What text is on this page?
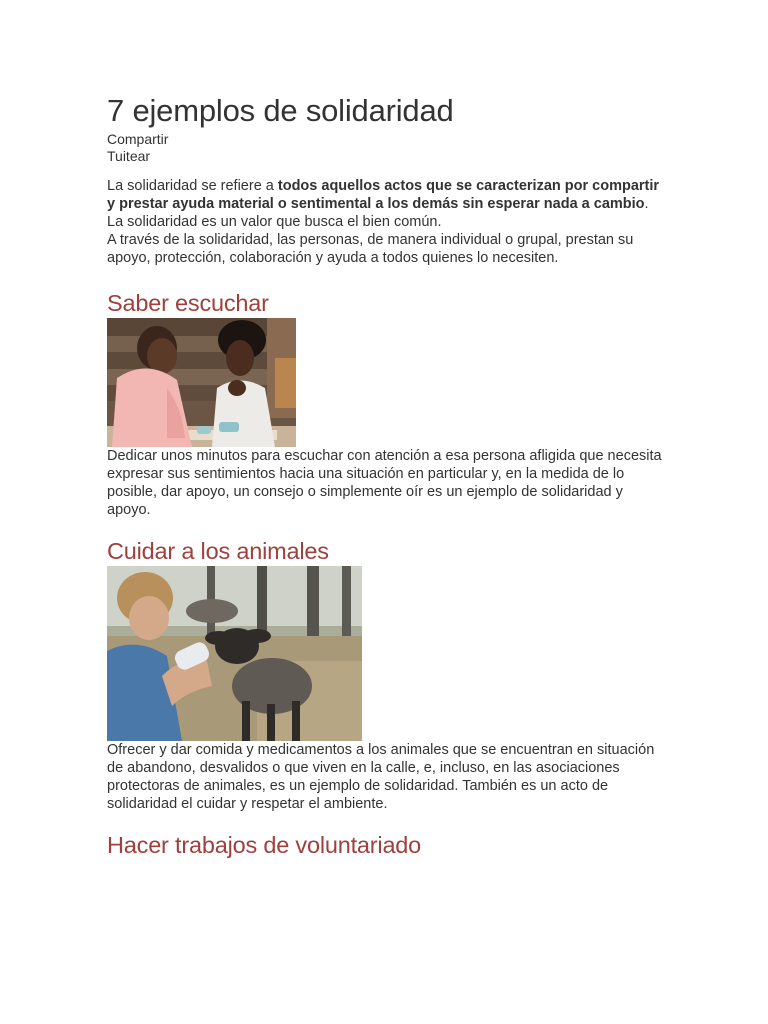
7 ejemplos de solidaridad
Compartir
Tuitear

La solidaridad se refiere a todos aquellos actos que se caracterizan por compartir y prestar ayuda material o sentimental a los demás sin esperar nada a cambio. La solidaridad es un valor que busca el bien común.

A través de la solidaridad, las personas, de manera individual o grupal, prestan su apoyo, protección, colaboración y ayuda a todos quienes lo necesiten.

Saber escuchar

Dedicar unos minutos para escuchar con atención a esa persona afligida que necesita expresar sus sentimientos hacia una situación en particular y, en la medida de lo posible, dar apoyo, un consejo o simplemente oír es un ejemplo de solidaridad y apoyo.

Cuidar a los animales

Ofrecer y dar comida y medicamentos a los animales que se encuentran en situación de abandono, desvalidos o que viven en la calle, e, incluso, en las asociaciones protectoras de animales, es un ejemplo de solidaridad. También es un acto de solidaridad el cuidar y respetar el ambiente.

Hacer trabajos de voluntariado
